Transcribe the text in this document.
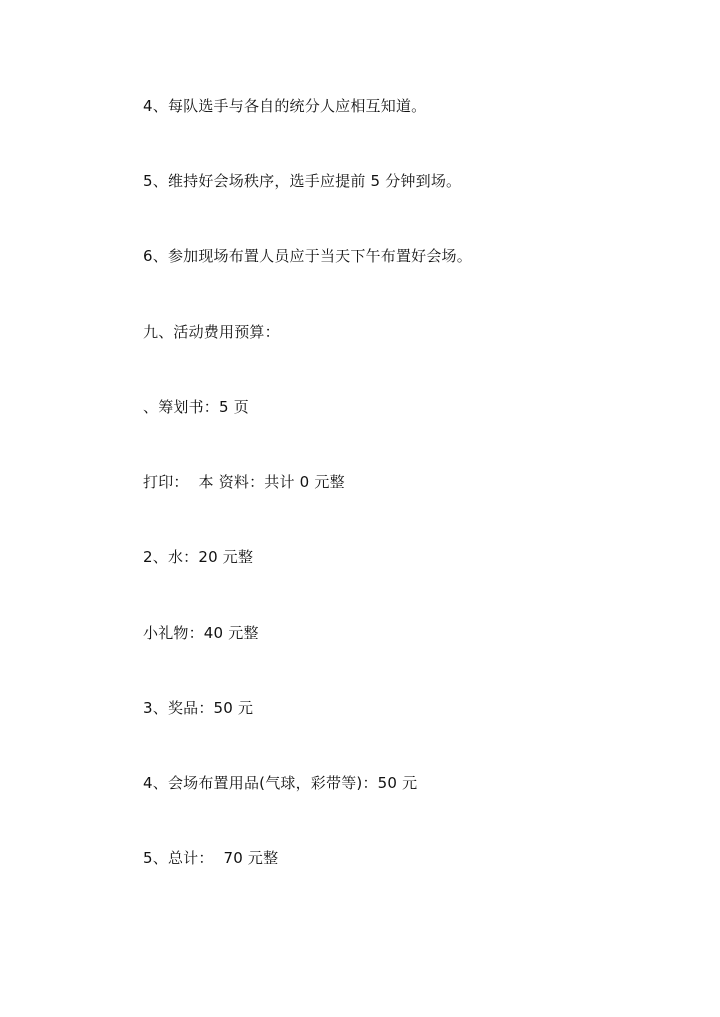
4、每队选手与各自的统分人应相互知道。
5、维持好会场秩序，选手应提前 5 分钟到场。
6、参加现场布置人员应于当天下午布置好会场。
九、活动费用预算：
、筹划书：5 页
打印：  本 资料：共计 0 元整
2、水：20 元整
小礼物：40 元整
3、奖品：50 元
4、会场布置用品(气球，彩带等)：50 元
5、总计：  70 元整
